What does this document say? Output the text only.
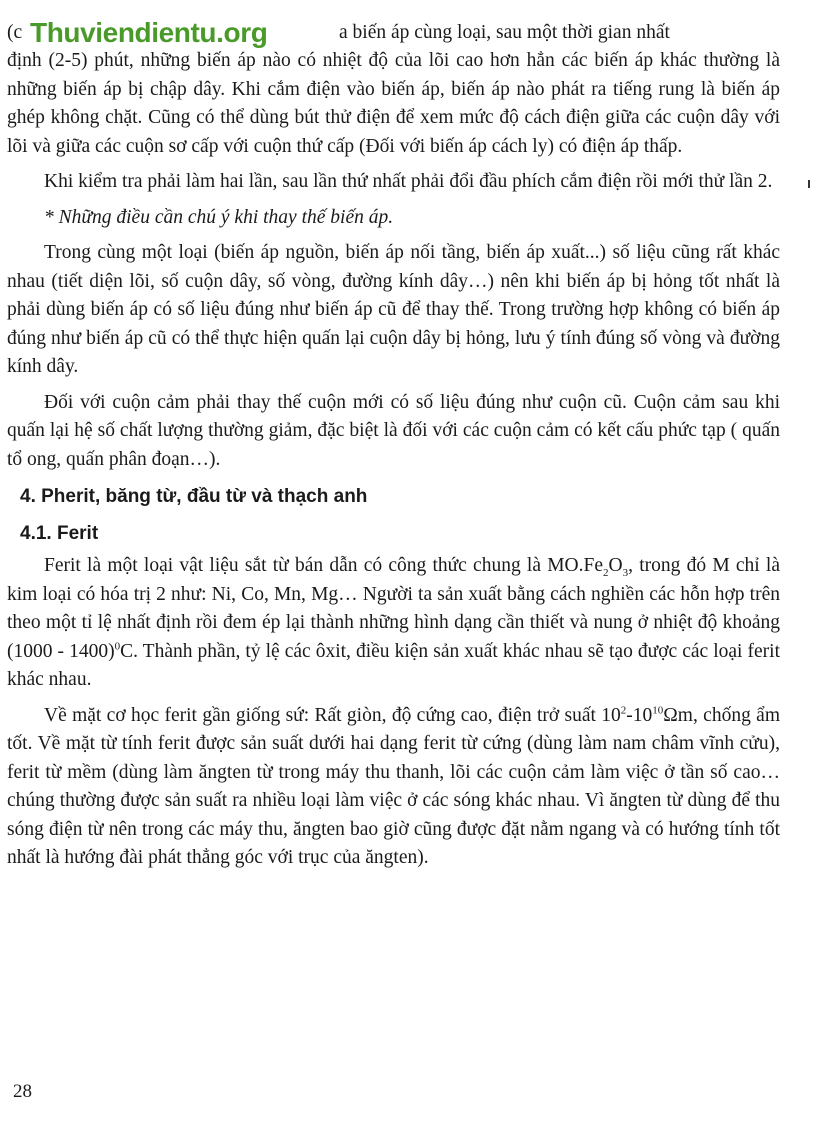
(c Thuviendientu.org	a biến áp cùng loại, sau một thời gian nhất

định (2-5) phút, những biến áp nào có nhiệt độ của lõi cao hơn hẳn các biến áp khác thường là những biến áp bị chập dây. Khi cắm điện vào biến áp, biến áp nào phát ra tiếng rung là biến áp ghép không chặt. Cũng có thể dùng bút thử điện để xem mức độ cách điện giữa các cuộn dây với lõi và giữa các cuộn sơ cấp với cuộn thứ cấp (Đối với biến áp cách ly) có điện áp thấp.

Khi kiểm tra phải làm hai lần, sau lần thứ nhất phải đổi đầu phích cắm điện rồi mới thử lần 2.

* Những điều cần chú ý khi thay thế biến áp.

Trong cùng một loại (biến áp nguồn, biến áp nối tầng, biến áp xuất...) số liệu cũng rất khác nhau (tiết diện lõi, số cuộn dây, số vòng, đường kính dây…) nên khi biến áp bị hỏng tốt nhất là phải dùng biến áp có số liệu đúng như biến áp cũ để thay thế. Trong trường hợp không có biến áp đúng như biến áp cũ có thể thực hiện quấn lại cuộn dây bị hỏng, lưu ý tính đúng số vòng và đường kính dây.

Đối với cuộn cảm phải thay thế cuộn mới có số liệu đúng như cuộn cũ. Cuộn cảm sau khi quấn lại hệ số chất lượng thường giảm, đặc biệt là đối với các cuộn cảm có kết cấu phức tạp ( quấn tổ ong, quấn phân đoạn…).

4. Pherit, băng từ, đầu từ và thạch anh

4.1. Ferit

Ferit là một loại vật liệu sắt từ bán dẫn có công thức chung là $MO.Fe_2O_3$, trong đó M chỉ là kim loại có hóa trị 2 như: Ni, Co, Mn, Mg… Người ta sản xuất bằng cách nghiền các hỗn hợp trên theo một tỉ lệ nhất định rồi đem ép lại thành những hình dạng cần thiết và nung ở nhiệt độ khoảng (1000 - 1400)$^0$C. Thành phần, tỷ lệ các ôxit, điều kiện sản xuất khác nhau sẽ tạo được các loại ferit khác nhau.

Về mặt cơ học ferit gần giống sứ: Rất giòn, độ cứng cao, điện trở suất $10^2-10^{10}\Omega m$, chống ẩm tốt. Về mặt từ tính ferit được sản suất dưới hai dạng ferit từ cứng (dùng làm nam châm vĩnh cửu), ferit từ mềm (dùng làm ăngten từ trong máy thu thanh, lõi các cuộn cảm làm việc ở tần số cao… chúng thường được sản suất ra nhiều loại làm việc ở các sóng khác nhau. Vì ăngten từ dùng để thu sóng điện từ nên trong các máy thu, ăngten bao giờ cũng được đặt nằm ngang và có hướng tính tốt nhất là hướng đài phát thẳng góc với trục của ăngten).

28
